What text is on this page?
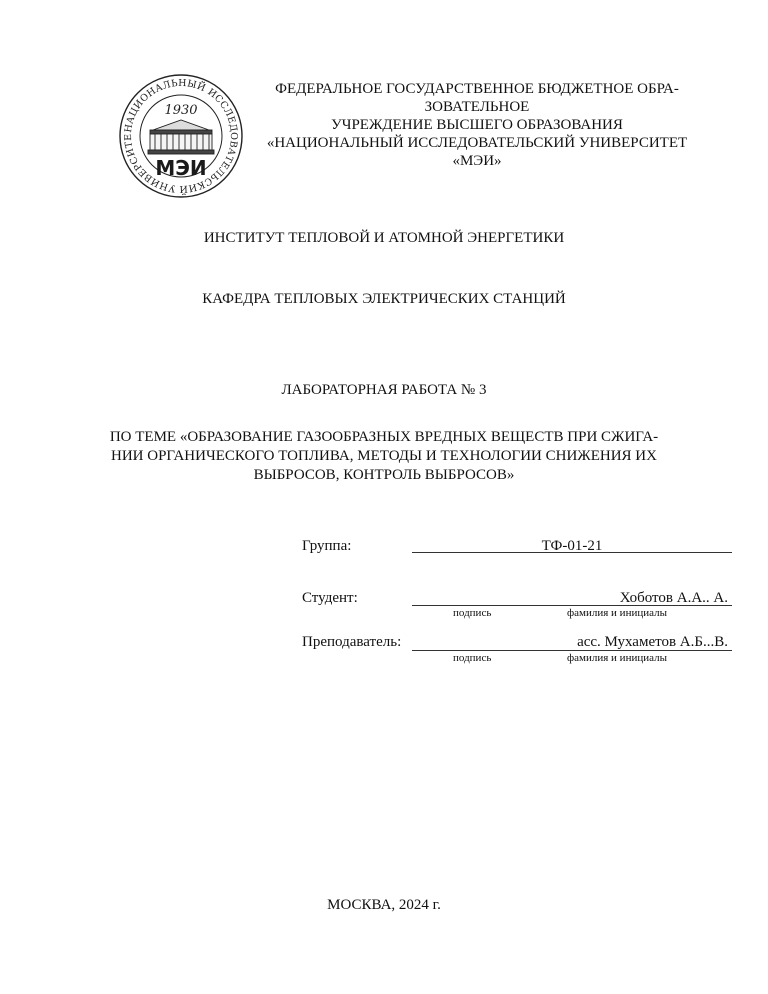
НАЦИОНАЛЬНЫЙ ИССЛЕДОВАТЕЛЬСКИЙ УНИВЕРСИТЕ
1930
МЭИ
ФЕДЕРАЛЬНОЕ ГОСУДАРСТВЕННОЕ БЮДЖЕТНОЕ ОБРА-
ЗОВАТЕЛЬНОЕ
УЧРЕЖДЕНИЕ ВЫСШЕГО ОБРАЗОВАНИЯ
«НАЦИОНАЛЬНЫЙ ИССЛЕДОВАТЕЛЬСКИЙ УНИВЕРСИТЕТ
«МЭИ»
ИНСТИТУТ ТЕПЛОВОЙ И АТОМНОЙ ЭНЕРГЕТИКИ
КАФЕДРА ТЕПЛОВЫХ ЭЛЕКТРИЧЕСКИХ СТАНЦИЙ
ЛАБОРАТОРНАЯ РАБОТА № 3
ПО ТЕМЕ «ОБРАЗОВАНИЕ ГАЗООБРАЗНЫХ ВРЕДНЫХ ВЕЩЕСТВ ПРИ СЖИГА-
НИИ ОРГАНИЧЕСКОГО ТОПЛИВА, МЕТОДЫ И ТЕХНОЛОГИИ СНИЖЕНИЯ ИХ
ВЫБРОСОВ, КОНТРОЛЬ ВЫБРОСОВ»
Группа:	ТФ-01-21
Студент:	Хоботов А.А.. А.
подпись	фамилия и инициалы
Преподаватель:	асс. Мухаметов А.Б...В.
подпись	фамилия и инициалы
МОСКВА, 2024 г.
